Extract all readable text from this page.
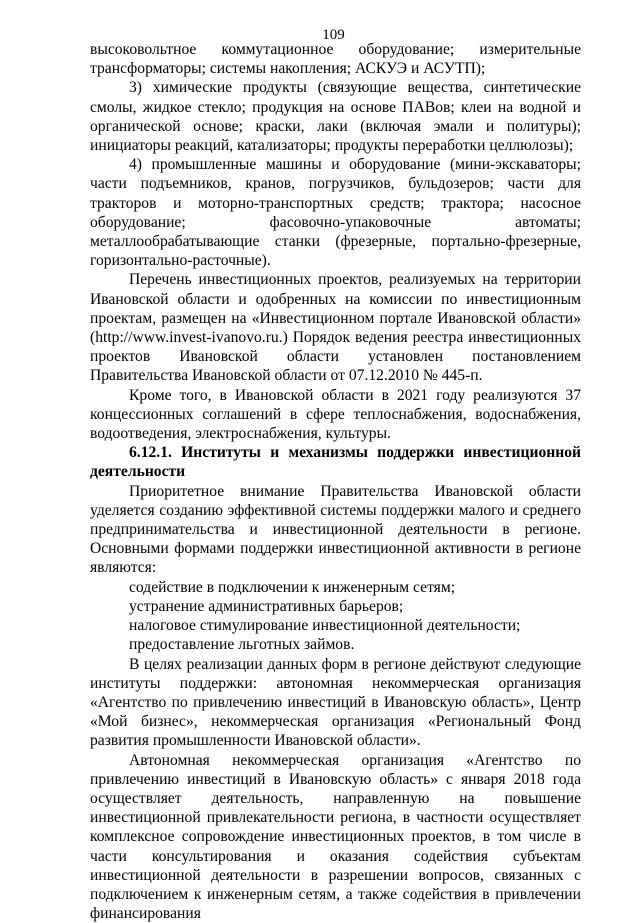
109

высоковольтное коммутационное оборудование; измерительные трансформаторы; системы накопления; АСКУЭ и АСУТП);

3) химические продукты (связующие вещества, синтетические смолы, жидкое стекло; продукция на основе ПАВов; клеи на водной и органической основе; краски, лаки (включая эмали и политуры); инициаторы реакций, катализаторы; продукты переработки целлюлозы);

4) промышленные машины и оборудование (мини-экскаваторы; части подъемников, кранов, погрузчиков, бульдозеров; части для тракторов и моторно-транспортных средств; трактора; насосное оборудование; фасовочно-упаковочные автоматы; металлообрабатывающие станки (фрезерные, портально-фрезерные, горизонтально-расточные).

Перечень инвестиционных проектов, реализуемых на территории Ивановской области и одобренных на комиссии по инвестиционным проектам, размещен на «Инвестиционном портале Ивановской области» (http://www.invest-ivanovo.ru.) Порядок ведения реестра инвестиционных проектов Ивановской области установлен постановлением Правительства Ивановской области от 07.12.2010 № 445-п.

Кроме того, в Ивановской области в 2021 году реализуются 37 концессионных соглашений в сфере теплоснабжения, водоснабжения, водоотведения, электроснабжения, культуры.

6.12.1. Институты и механизмы поддержки инвестиционной деятельности

Приоритетное внимание Правительства Ивановской области уделяется созданию эффективной системы поддержки малого и среднего предпринимательства и инвестиционной деятельности в регионе. Основными формами поддержки инвестиционной активности в регионе являются:

содействие в подключении к инженерным сетям;

устранение административных барьеров;

налоговое стимулирование инвестиционной деятельности;

предоставление льготных займов.

В целях реализации данных форм в регионе действуют следующие институты поддержки: автономная некоммерческая организация «Агентство по привлечению инвестиций в Ивановскую область», Центр «Мой бизнес», некоммерческая организация «Региональный Фонд развития промышленности Ивановской области».

Автономная некоммерческая организация «Агентство по привлечению инвестиций в Ивановскую область» с января 2018 года осуществляет деятельность, направленную на повышение инвестиционной привлекательности региона, в частности осуществляет комплексное сопровождение инвестиционных проектов, в том числе в части консультирования и оказания содействия субъектам инвестиционной деятельности в разрешении вопросов, связанных с подключением к инженерным сетям, а также содействия в привлечении финансирования
